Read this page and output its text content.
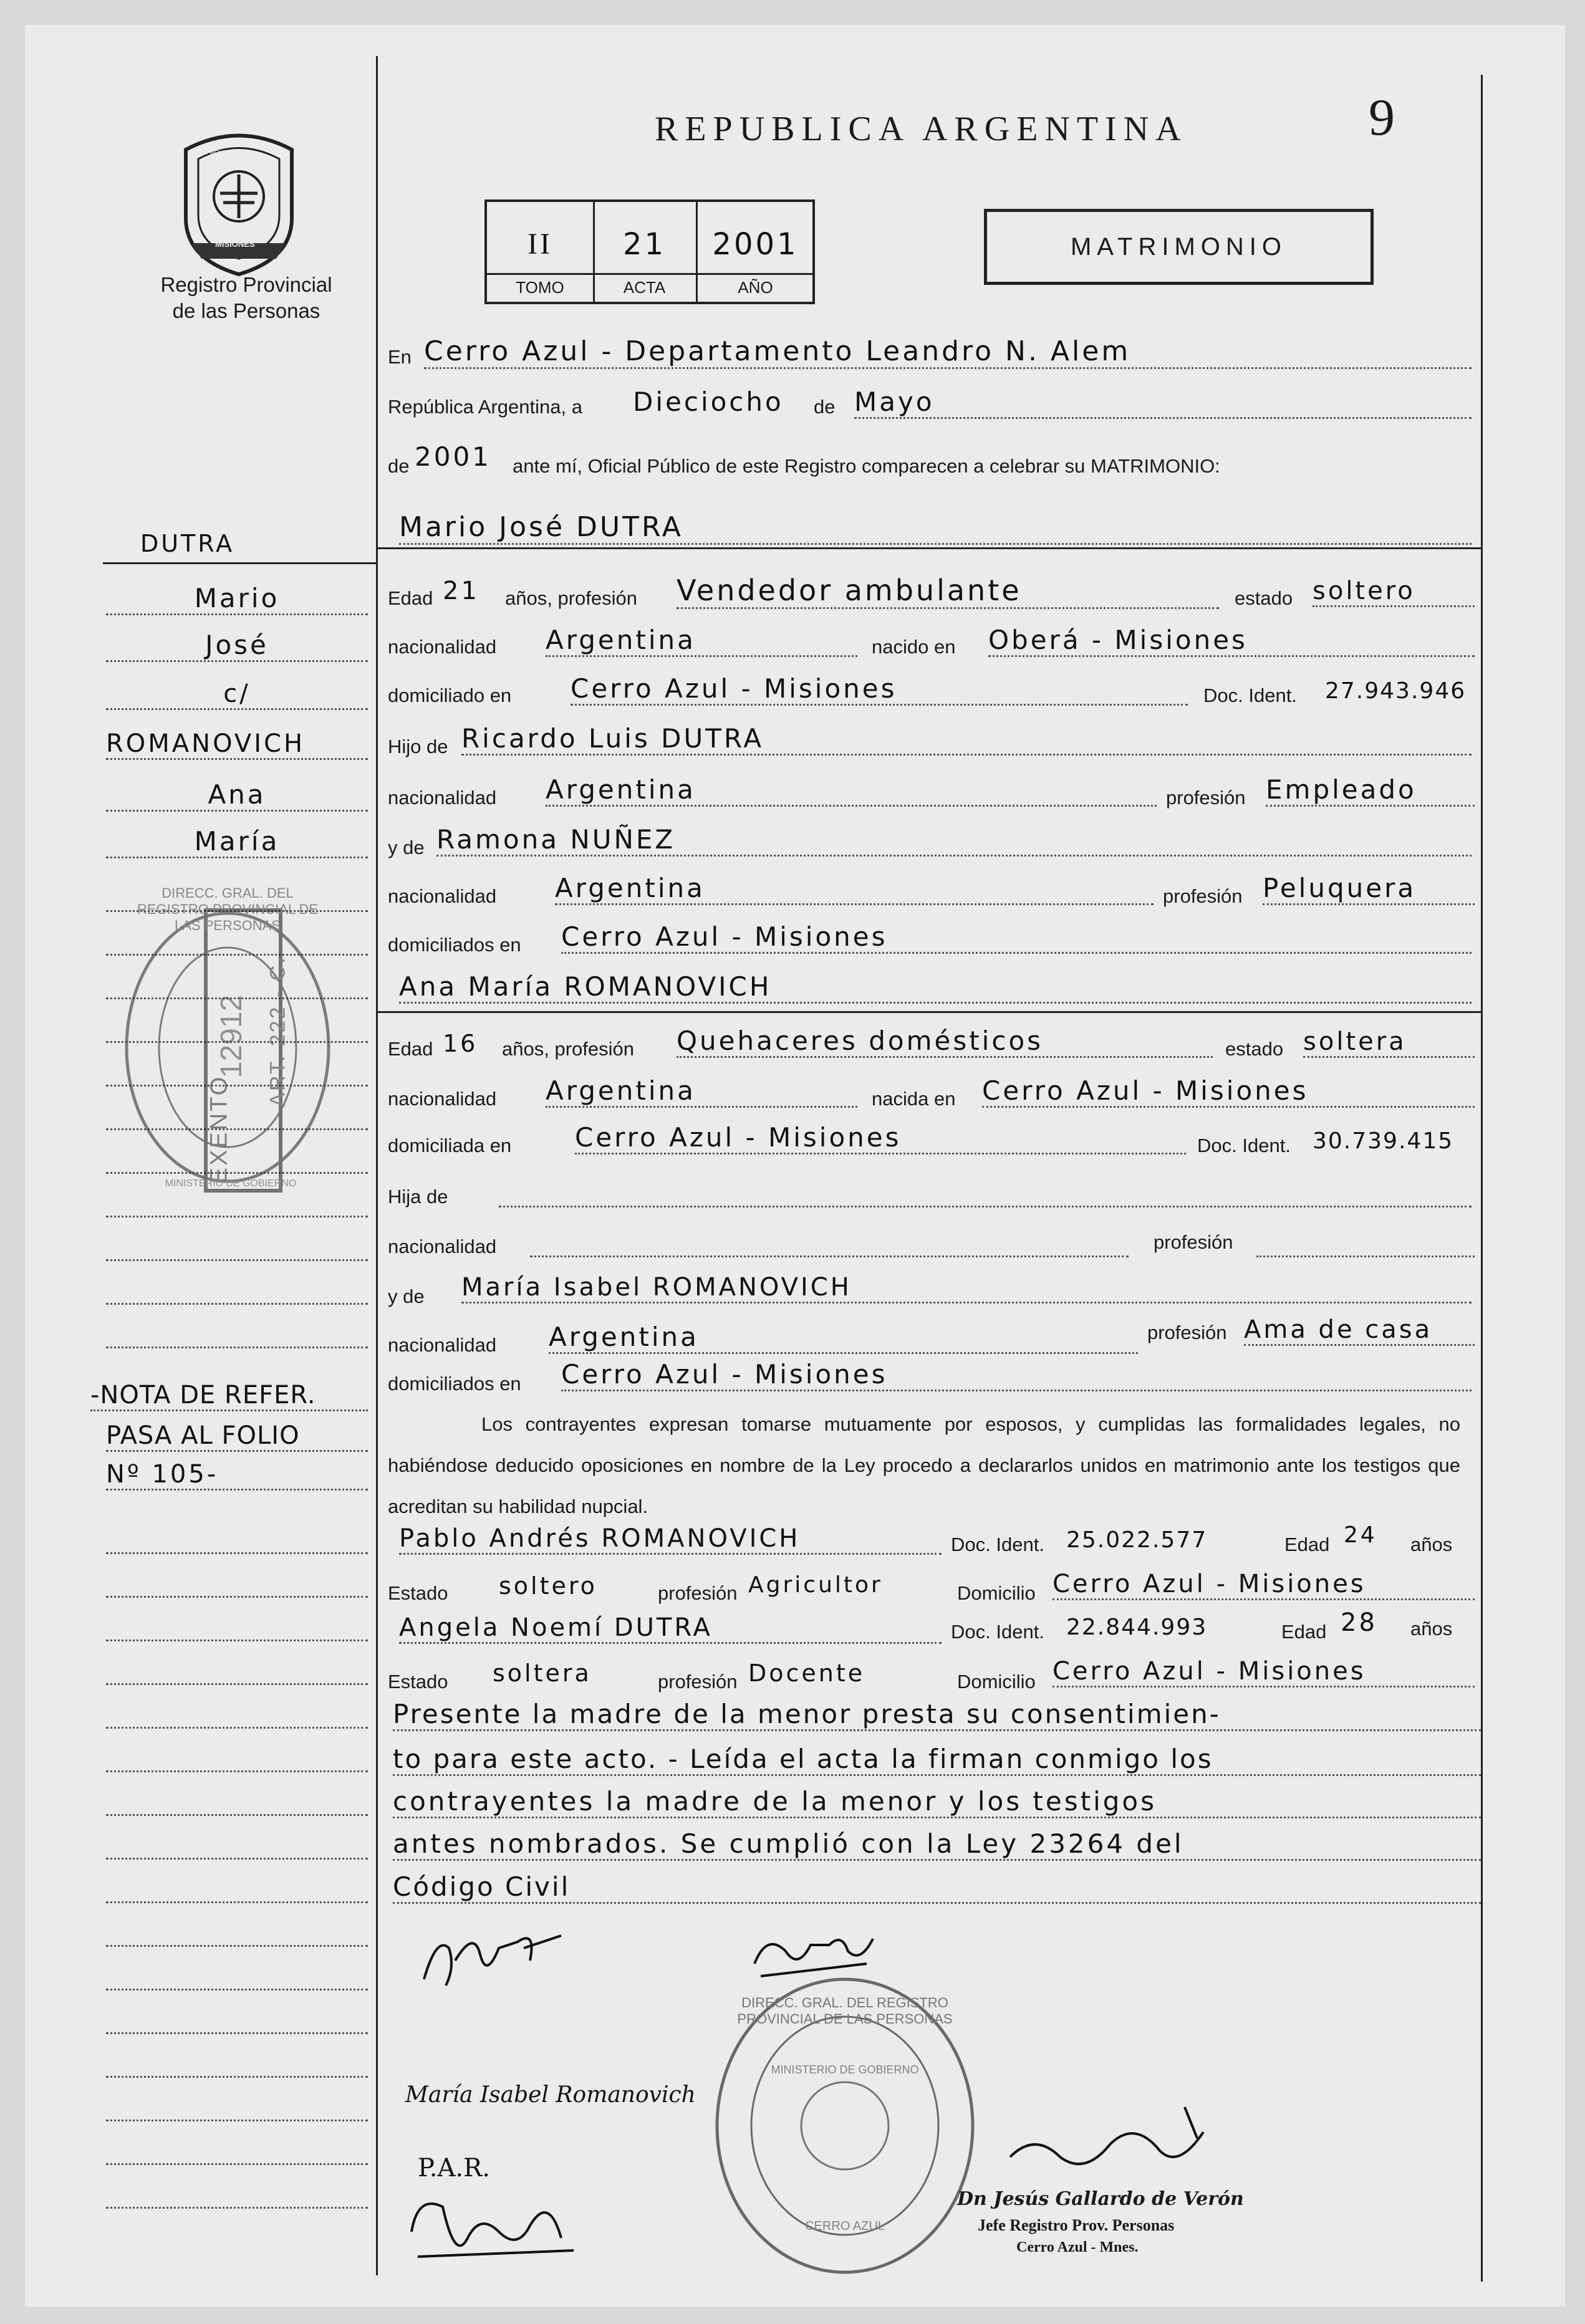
PROVINCIA DE
MISIONES
Registro Provincial
de las Personas
REPUBLICA ARGENTINA	9
II	21	2001
TOMO	ACTA	AÑO
MATRIMONIO
En Cerro Azul - Departamento Leandro N. Alem
República Argentina, a Dieciocho de Mayo
de 2001 ante mí, Oficial Público de este Registro comparecen a celebrar su MATRIMONIO:
Mario José DUTRA
Edad 21 años, profesión Vendedor ambulante	estado soltero
nacionalidad Argentina	nacido en Oberá - Misiones
domiciliado en Cerro Azul - Misiones	Doc. Ident. 27.943.946
Hijo de Ricardo Luis DUTRA
nacionalidad Argentina	profesión Empleado
y de Ramona NUÑEZ
nacionalidad Argentina	profesión Peluquera
domiciliados en Cerro Azul - Misiones
Ana María ROMANOVICH
Edad 16 años, profesión Quehaceres domésticos	estado soltera
nacionalidad Argentina	nacida en Cerro Azul - Misiones
domiciliada en Cerro Azul - Misiones	Doc. Ident. 30.739.415
Hija de
nacionalidad	profesión
y de María Isabel ROMANOVICH
nacionalidad Argentina	profesión Ama de casa
domiciliados en Cerro Azul - Misiones
Los contrayentes expresan tomarse mutuamente por esposos, y cumplidas las formalidades legales, no habiéndose deducido oposiciones en nombre de la Ley procedo a declararlos unidos en matrimonio ante los testigos que acreditan su habilidad nupcial.
Pablo Andrés ROMANOVICH	Doc. Ident. 25.022.577	Edad 24 años
Estado soltero	profesión Agricultor	Domicilio Cerro Azul - Misiones
Angela Noemí DUTRA	Doc. Ident. 22.844.993	Edad 28 años
Estado soltera	profesión Docente	Domicilio Cerro Azul - Misiones
Presente la madre de la menor presta su consentimien-
to para este acto. - Leída el acta la firman conmigo los
contrayentes la madre de la menor y los testigos
antes nombrados. Se cumplió con la Ley 23264 del
Código Civil
DUTRA
Mario
José
c/
ROMANOVICH
Ana
María
-NOTA DE REFER.
PASA AL FOLIO
Nº 105-
EXENTO
12912 ART. 222 - C.
DIRECC. GRAL. DEL REGISTRO PROVINCIAL DE LAS PERSONAS
MINISTERIO DE GOBIERNO
María Isabel Romanovich
P.A.R.
DIRECC. GRAL. DEL REGISTRO PROVINCIAL DE LAS PERSONAS
MINISTERIO DE GOBIERNO
CERRO AZUL
Dn Jesús Gallardo de Verón
Jefe Registro Prov. Personas
Cerro Azul - Mnes.
